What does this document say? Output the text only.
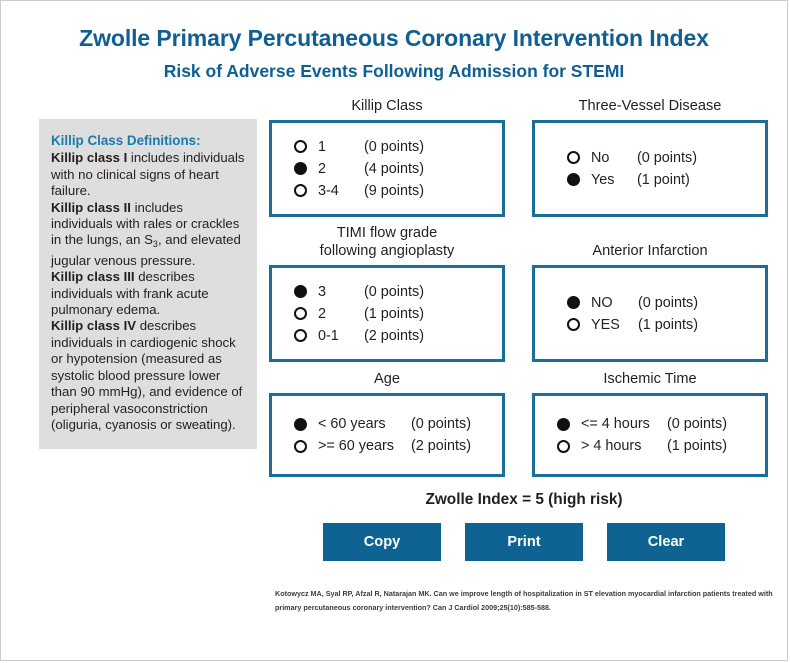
Zwolle Primary Percutaneous Coronary Intervention Index
Risk of Adverse Events Following Admission for STEMI
Killip Class Definitions:

Killip class I includes individuals with no clinical signs of heart failure.

Killip class II includes individuals with rales or crackles in the lungs, an $S_3$, and elevated jugular venous pressure.

Killip class III describes individuals with frank acute pulmonary edema.

Killip class IV describes individuals in cardiogenic shock or hypotension (measured as systolic blood pressure lower than 90 mmHg), and evidence of peripheral vasoconstriction (oliguria, cyanosis or sweating).

Killip Class
1	(0 points)
2	(4 points)
3-4	(9 points)
Three-Vessel Disease
No	(0 points)
Yes	(1 point)
TIMI flow grade
following angioplasty
3	(0 points)
2	(1 points)
0-1	(2 points)

Anterior Infarction
NO	(0 points)
YES	(1 points)
Age
< 60 years	(0 points)
>= 60 years	(2 points)
Ischemic Time
<= 4 hours	(0 points)
> 4 hours	(1 points)
Zwolle Index = 5 (high risk)
Copy	Print	Clear
Kotowycz MA, Syal RP, Afzal R, Natarajan MK. Can we improve length of hospitalization in ST elevation myocardial infarction patients treated with primary percutaneous coronary intervention? Can J Cardiol 2009;25(10):585-588.
